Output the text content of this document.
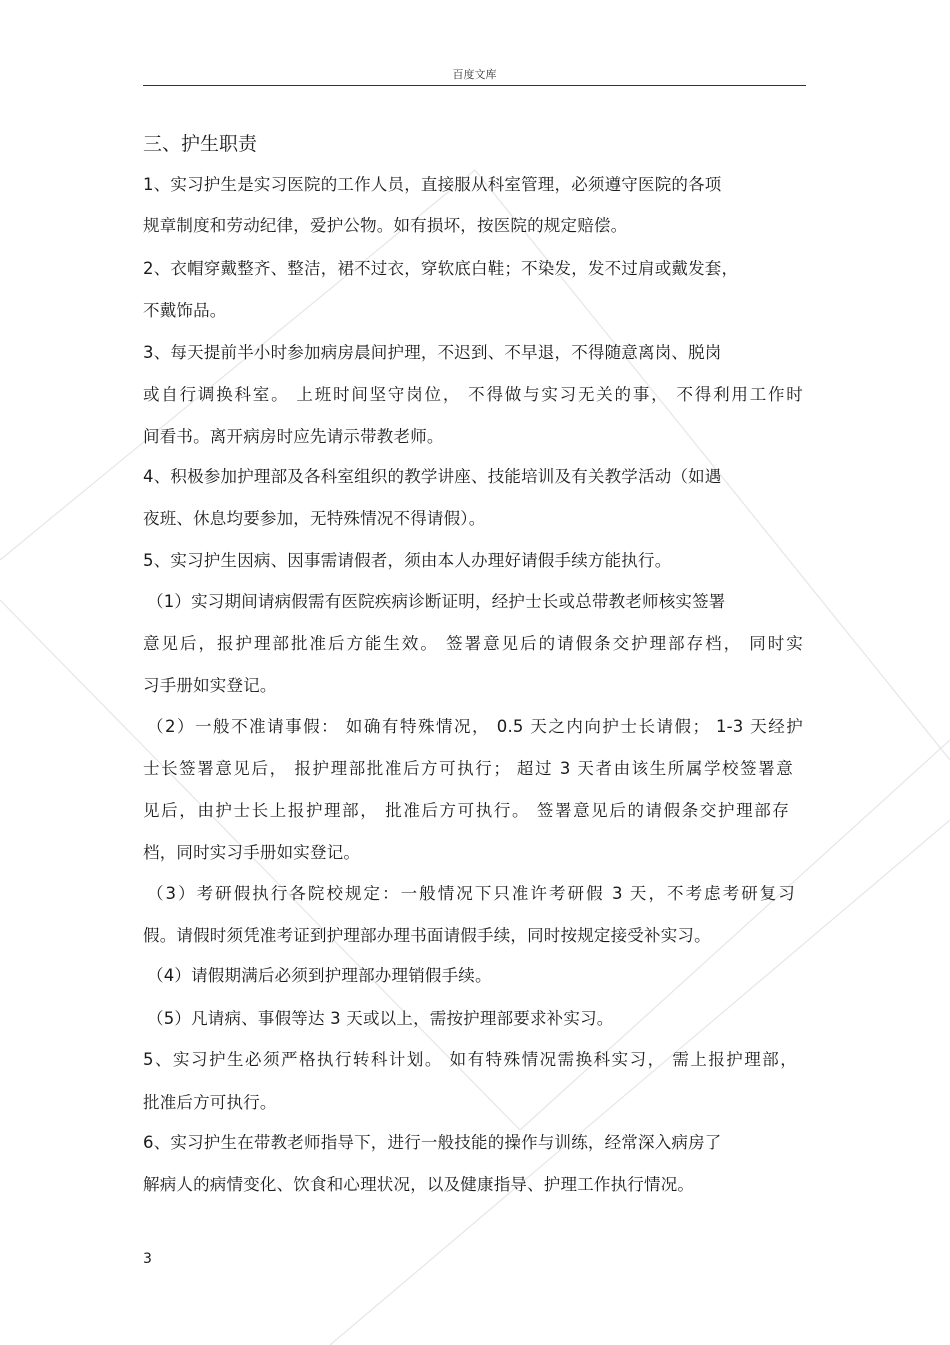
百度文库
三、护生职责
1、实习护生是实习医院的工作人员，直接服从科室管理，必须遵守医院的各项
规章制度和劳动纪律，爱护公物。如有损坏，按医院的规定赔偿。
2、衣帽穿戴整齐、整洁，裙不过衣，穿软底白鞋；不染发，发不过肩或戴发套，
不戴饰品。
3、每天提前半小时参加病房晨间护理，不迟到、不早退，不得随意离岗、脱岗
或自行调换科室。 上班时间坚守岗位， 不得做与实习无关的事， 不得利用工作时
间看书。离开病房时应先请示带教老师。
4、积极参加护理部及各科室组织的教学讲座、技能培训及有关教学活动（如遇
夜班、休息均要参加，无特殊情况不得请假）。
5、实习护生因病、因事需请假者，须由本人办理好请假手续方能执行。
（1）实习期间请病假需有医院疾病诊断证明，经护士长或总带教老师核实签署
意见后，报护理部批准后方能生效。 签署意见后的请假条交护理部存档， 同时实
习手册如实登记。
（2）一般不准请事假： 如确有特殊情况， 0.5 天之内向护士长请假； 1-3 天经护
士长签署意见后， 报护理部批准后方可执行； 超过 3 天者由该生所属学校签署意
见后，由护士长上报护理部， 批准后方可执行。 签署意见后的请假条交护理部存
档，同时实习手册如实登记。
（3）考研假执行各院校规定：一般情况下只准许考研假 3 天，不考虑考研复习
假。请假时须凭准考证到护理部办理书面请假手续，同时按规定接受补实习。
（4）请假期满后必须到护理部办理销假手续。
（5）凡请病、事假等达 3 天或以上，需按护理部要求补实习。
5、实习护生必须严格执行转科计划。 如有特殊情况需换科实习， 需上报护理部，
批准后方可执行。
6、实习护生在带教老师指导下，进行一般技能的操作与训练，经常深入病房了
解病人的病情变化、饮食和心理状况，以及健康指导、护理工作执行情况。
3
